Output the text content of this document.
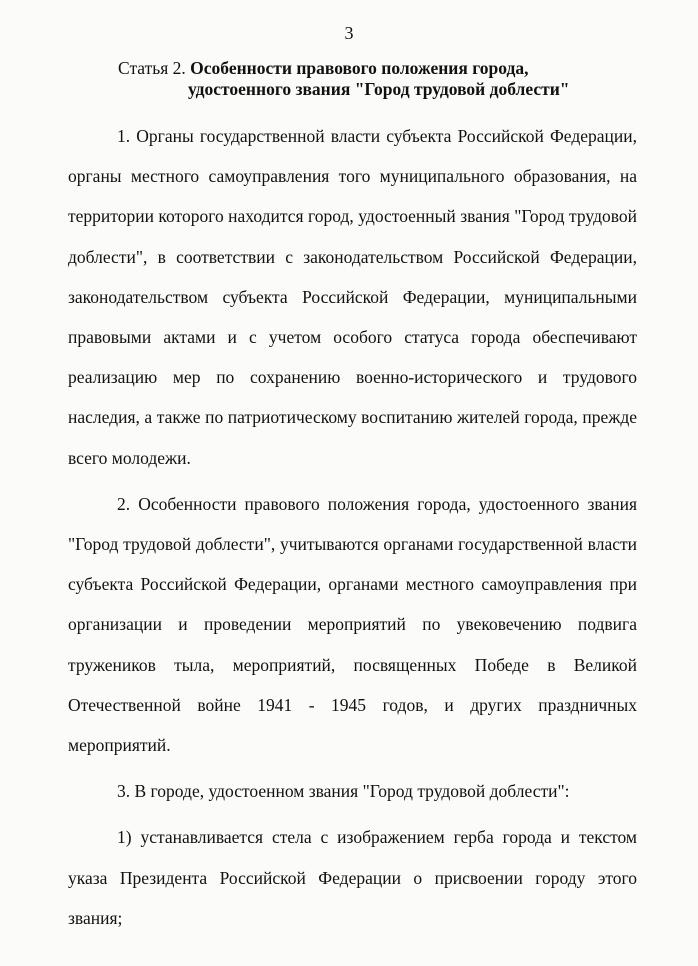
3
Статья 2. Особенности правового положения города,
удостоенного звания "Город трудовой доблести"

1. Органы государственной власти субъекта Российской Федерации, органы местного самоуправления того муниципального образования, на территории которого находится город, удостоенный звания "Город трудовой доблести", в соответствии с законодательством Российской Федерации, законодательством субъекта Российской Федерации, муниципальными правовыми актами и с учетом особого статуса города обеспечивают реализацию мер по сохранению военно-исторического и трудового наследия, а также по патриотическому воспитанию жителей города, прежде всего молодежи.

2. Особенности правового положения города, удостоенного звания "Город трудовой доблести", учитываются органами государственной власти субъекта Российской Федерации, органами местного самоуправления при организации и проведении мероприятий по увековечению подвига тружеников тыла, мероприятий, посвященных Победе в Великой Отечественной войне 1941 - 1945 годов, и других праздничных мероприятий.

3. В городе, удостоенном звания "Город трудовой доблести":

1) устанавливается стела с изображением герба города и текстом указа Президента Российской Федерации о присвоении городу этого звания;
